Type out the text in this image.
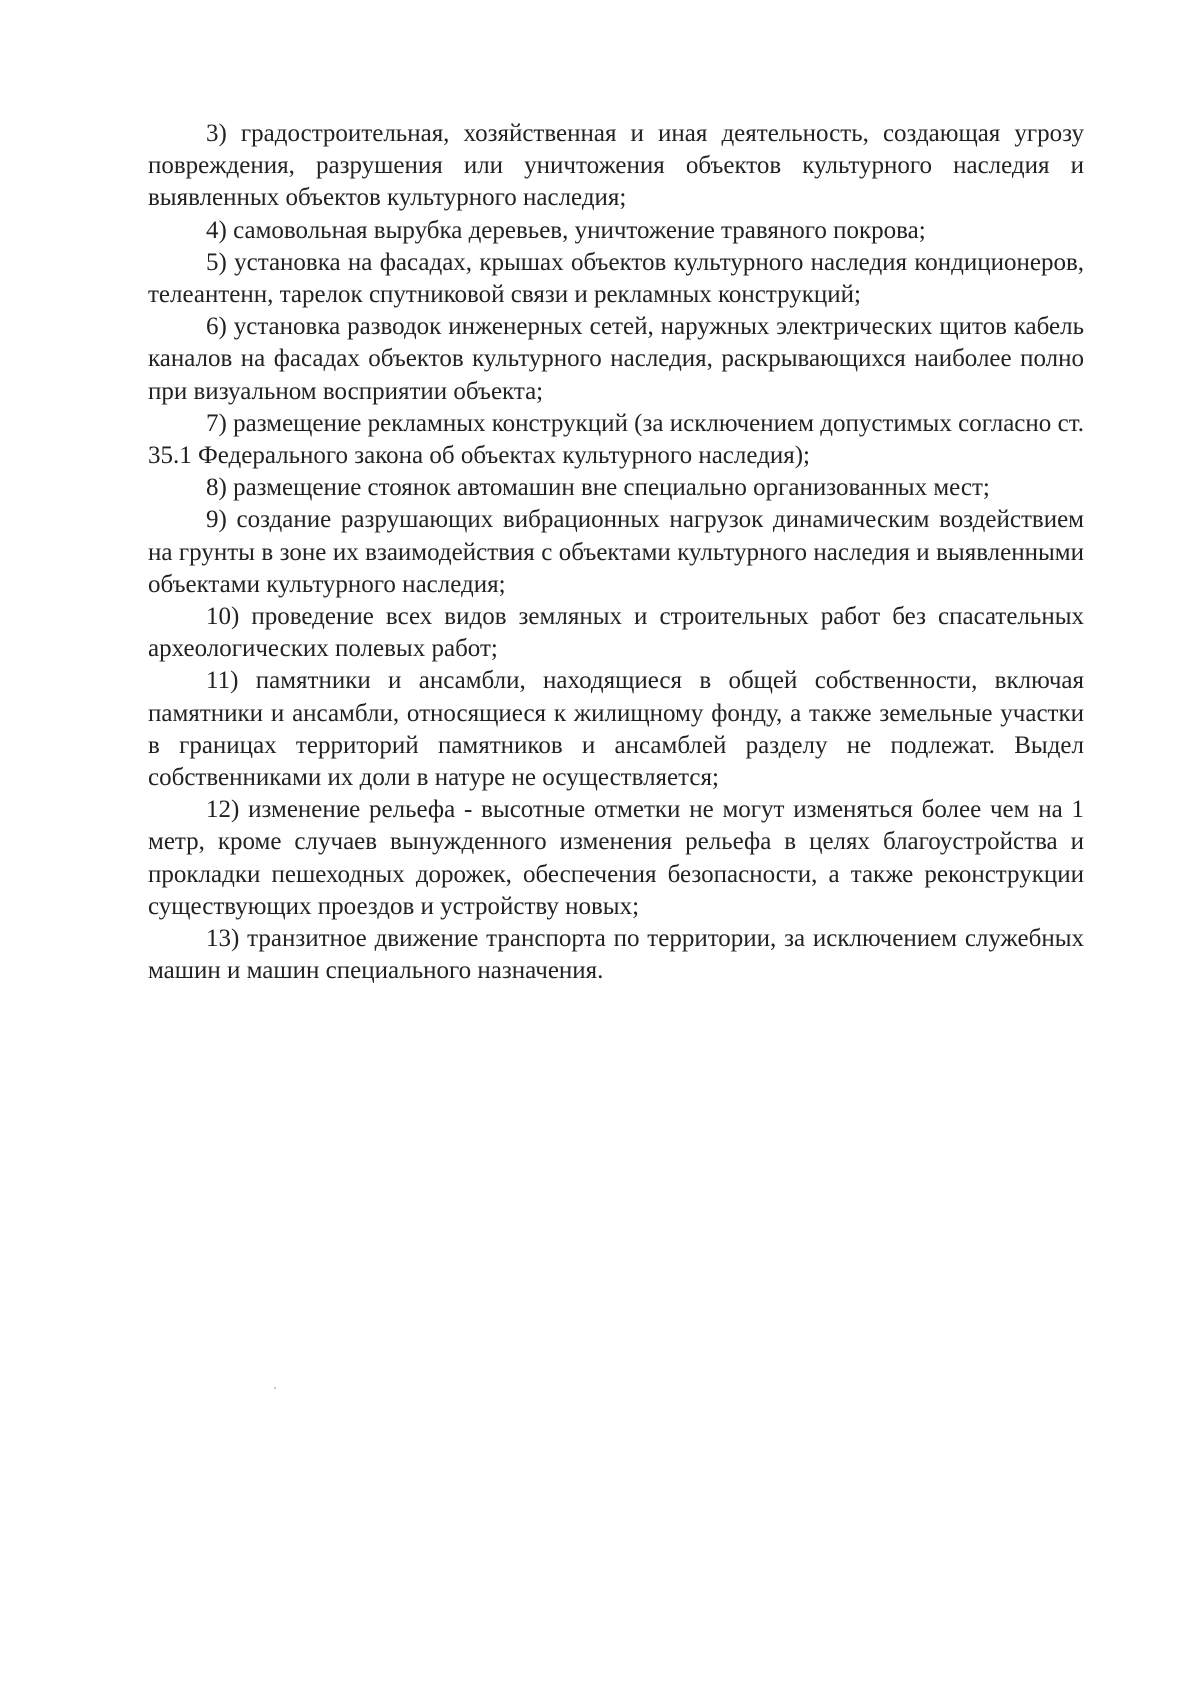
3) градостроительная, хозяйственная и иная деятельность, создающая угрозу повреждения, разрушения или уничтожения объектов культурного наследия и выявленных объектов культурного наследия;

4) самовольная вырубка деревьев, уничтожение травяного покрова;

5) установка на фасадах, крышах объектов культурного наследия кондиционеров, телеантенн, тарелок спутниковой связи и рекламных конструкций;

6) установка разводок инженерных сетей, наружных электрических щитов кабель каналов на фасадах объектов культурного наследия, раскрывающихся наиболее полно при визуальном восприятии объекта;

7) размещение рекламных конструкций (за исключением допустимых согласно ст. 35.1 Федерального закона об объектах культурного наследия);

8) размещение стоянок автомашин вне специально организованных мест;

9) создание разрушающих вибрационных нагрузок динамическим воздействием на грунты в зоне их взаимодействия с объектами культурного наследия и выявленными объектами культурного наследия;

10) проведение всех видов земляных и строительных работ без спасательных археологических полевых работ;

11) памятники и ансамбли, находящиеся в общей собственности, включая памятники и ансамбли, относящиеся к жилищному фонду, а также земельные участки в границах территорий памятников и ансамблей разделу не подлежат. Выдел собственниками их доли в натуре не осуществляется;

12) изменение рельефа - высотные отметки не могут изменяться более чем на 1 метр, кроме случаев вынужденного изменения рельефа в целях благоустройства и прокладки пешеходных дорожек, обеспечения безопасности, а также реконструкции существующих проездов и устройству новых;

13) транзитное движение транспорта по территории, за исключением служебных машин и машин специального назначения.
